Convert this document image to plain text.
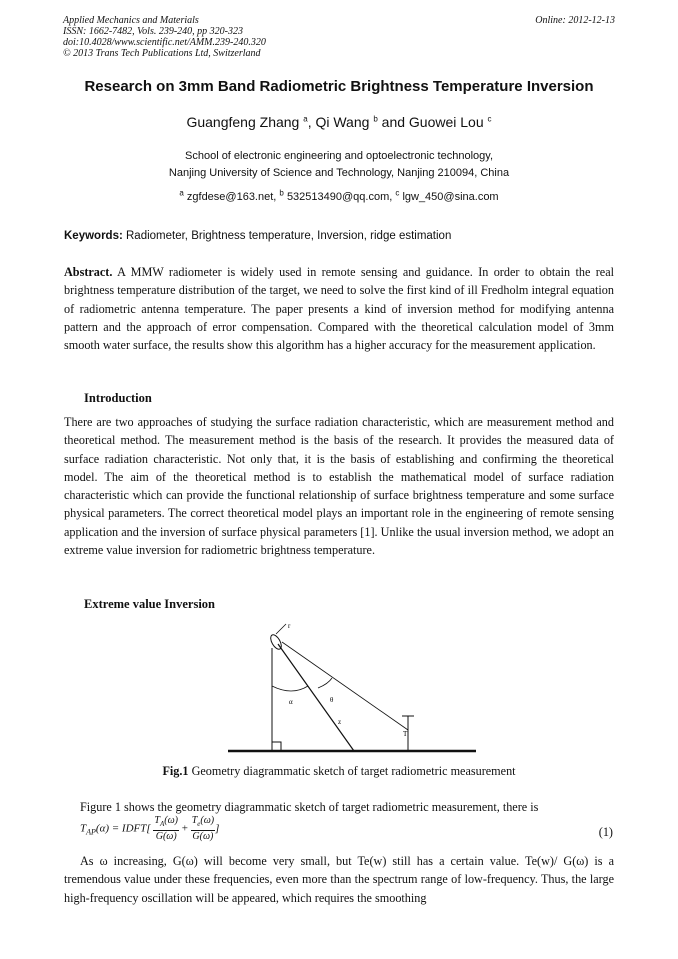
Applied Mechanics and Materials
ISSN: 1662-7482, Vols. 239-240, pp 320-323
doi:10.4028/www.scientific.net/AMM.239-240.320
© 2013 Trans Tech Publications Ltd, Switzerland
Online: 2012-12-13
Research on 3mm Band Radiometric Brightness Temperature Inversion
Guangfeng Zhang $^a$, Qi Wang $^b$ and Guowei Lou $^c$
School of electronic engineering and optoelectronic technology,
Nanjing University of Science and Technology, Nanjing 210094, China
$^a$ zgfdese@163.net, $^b$ 532513490@qq.com, $^c$ lgw_450@sina.com
Keywords: Radiometer, Brightness temperature, Inversion, ridge estimation
Abstract. A MMW radiometer is widely used in remote sensing and guidance. In order to obtain the real brightness temperature distribution of the target, we need to solve the first kind of ill Fredholm integral equation of radiometric antenna temperature. The paper presents a kind of inversion method for modifying antenna pattern and the approach of error compensation. Compared with the theoretical calculation model of 3mm smooth water surface, the results show this algorithm has a higher accuracy for the measurement application.
Introduction
There are two approaches of studying the surface radiation characteristic, which are measurement method and theoretical method. The measurement method is the basis of the research. It provides the measured data of surface radiation characteristic. Not only that, it is the basis of establishing and confirming the theoretical model. The aim of the theoretical method is to establish the mathematical model of surface radiation characteristic which can provide the functional relationship of surface brightness temperature and some surface physical parameters. The correct theoretical model plays an important role in the engineering of remote sensing application and the inversion of surface physical parameters [1]. Unlike the usual inversion method, we adopt an extreme value inversion for radiometric brightness temperature.
Extreme value Inversion
α	θ
z
T
r
Fig.1 Geometry diagrammatic sketch of target radiometric measurement
Figure 1 shows the geometry diagrammatic sketch of target radiometric measurement, there is
$T_{AP}(\alpha)$ = IDFT[ $\frac{T_A(\omega)}{G(\omega)} + \frac{T_e(\omega)}{G(\omega)}$ ]	(1)
As ω increasing, G(ω) will become very small, but Te(w) still has a certain value. Te(w)/ G(ω) is a tremendous value under these frequencies, even more than the spectrum range of low-frequency. Thus, the large high-frequency oscillation will be appeared, which requires the smoothing
